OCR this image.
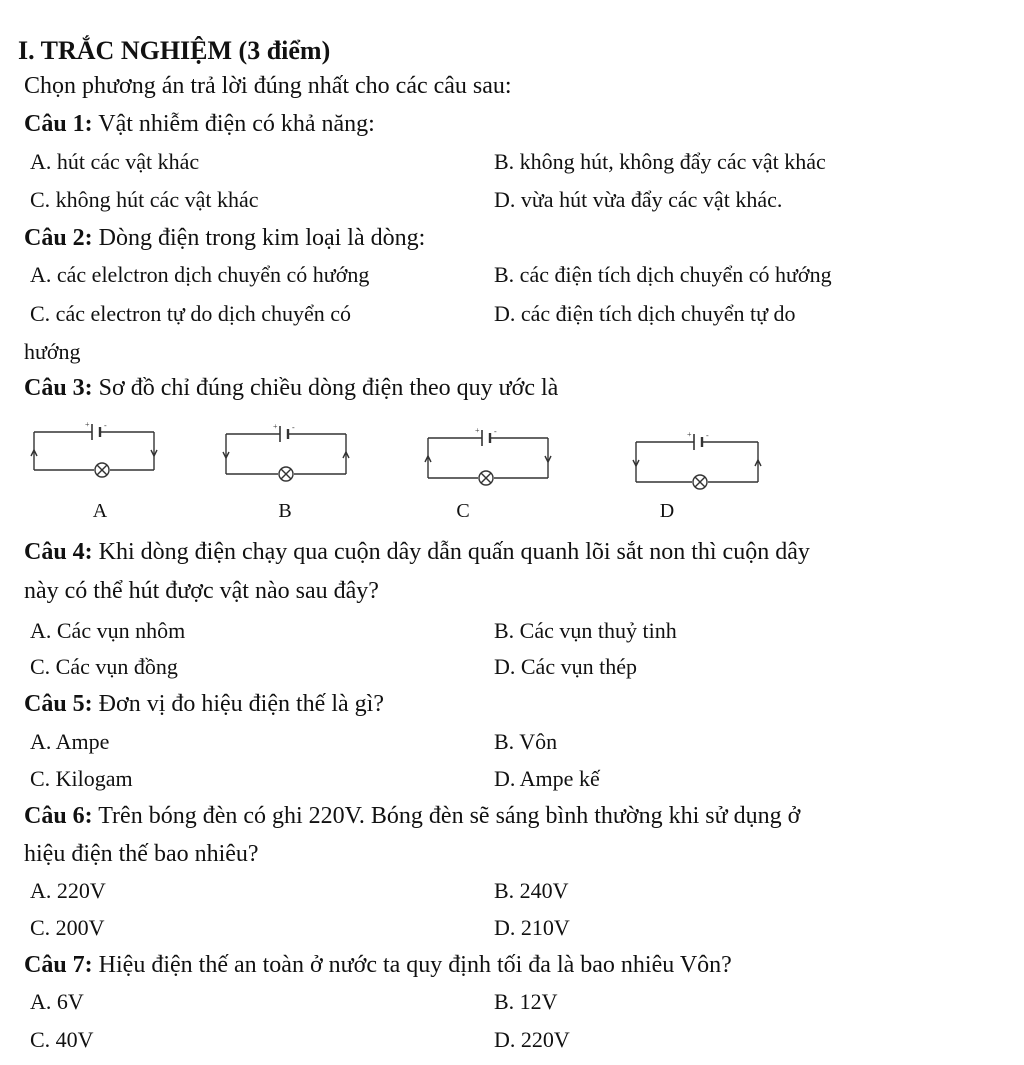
I. TRẮC NGHIỆM (3 điểm)
Chọn phương án trả lời đúng nhất cho các câu sau:
Câu 1: Vật nhiễm điện có khả năng:
A. hút các vật khác	B. không hút, không đẩy các vật khác
C. không hút các vật khác	D. vừa hút vừa đẩy các vật khác.
Câu 2: Dòng điện trong kim loại là dòng:
A. các elelctron dịch chuyển có hướng	B. các điện tích dịch chuyển có hướng
C. các electron tự do dịch chuyển có	D. các điện tích dịch chuyển tự do
hướng
Câu 3: Sơ đồ chỉ đúng chiều dòng điện theo quy ước là
+ -
A
+ -
B
+ -
C
+ -
D
Câu 4: Khi dòng điện chạy qua cuộn dây dẫn quấn quanh lõi sắt non thì cuộn dây
này có thể hút được vật nào sau đây?
A. Các vụn nhôm	B. Các vụn thuỷ tinh
C. Các vụn đồng	D. Các vụn thép
Câu 5: Đơn vị đo hiệu điện thế là gì?
A. Ampe	B. Vôn
C. Kilogam	D. Ampe kế
Câu 6: Trên bóng đèn có ghi 220V. Bóng đèn sẽ sáng bình thường khi sử dụng ở
hiệu điện thế bao nhiêu?
A. 220V	B. 240V
C. 200V	D. 210V
Câu 7: Hiệu điện thế an toàn ở nước ta quy định tối đa là bao nhiêu Vôn?
A. 6V	B. 12V
C. 40V	D. 220V
